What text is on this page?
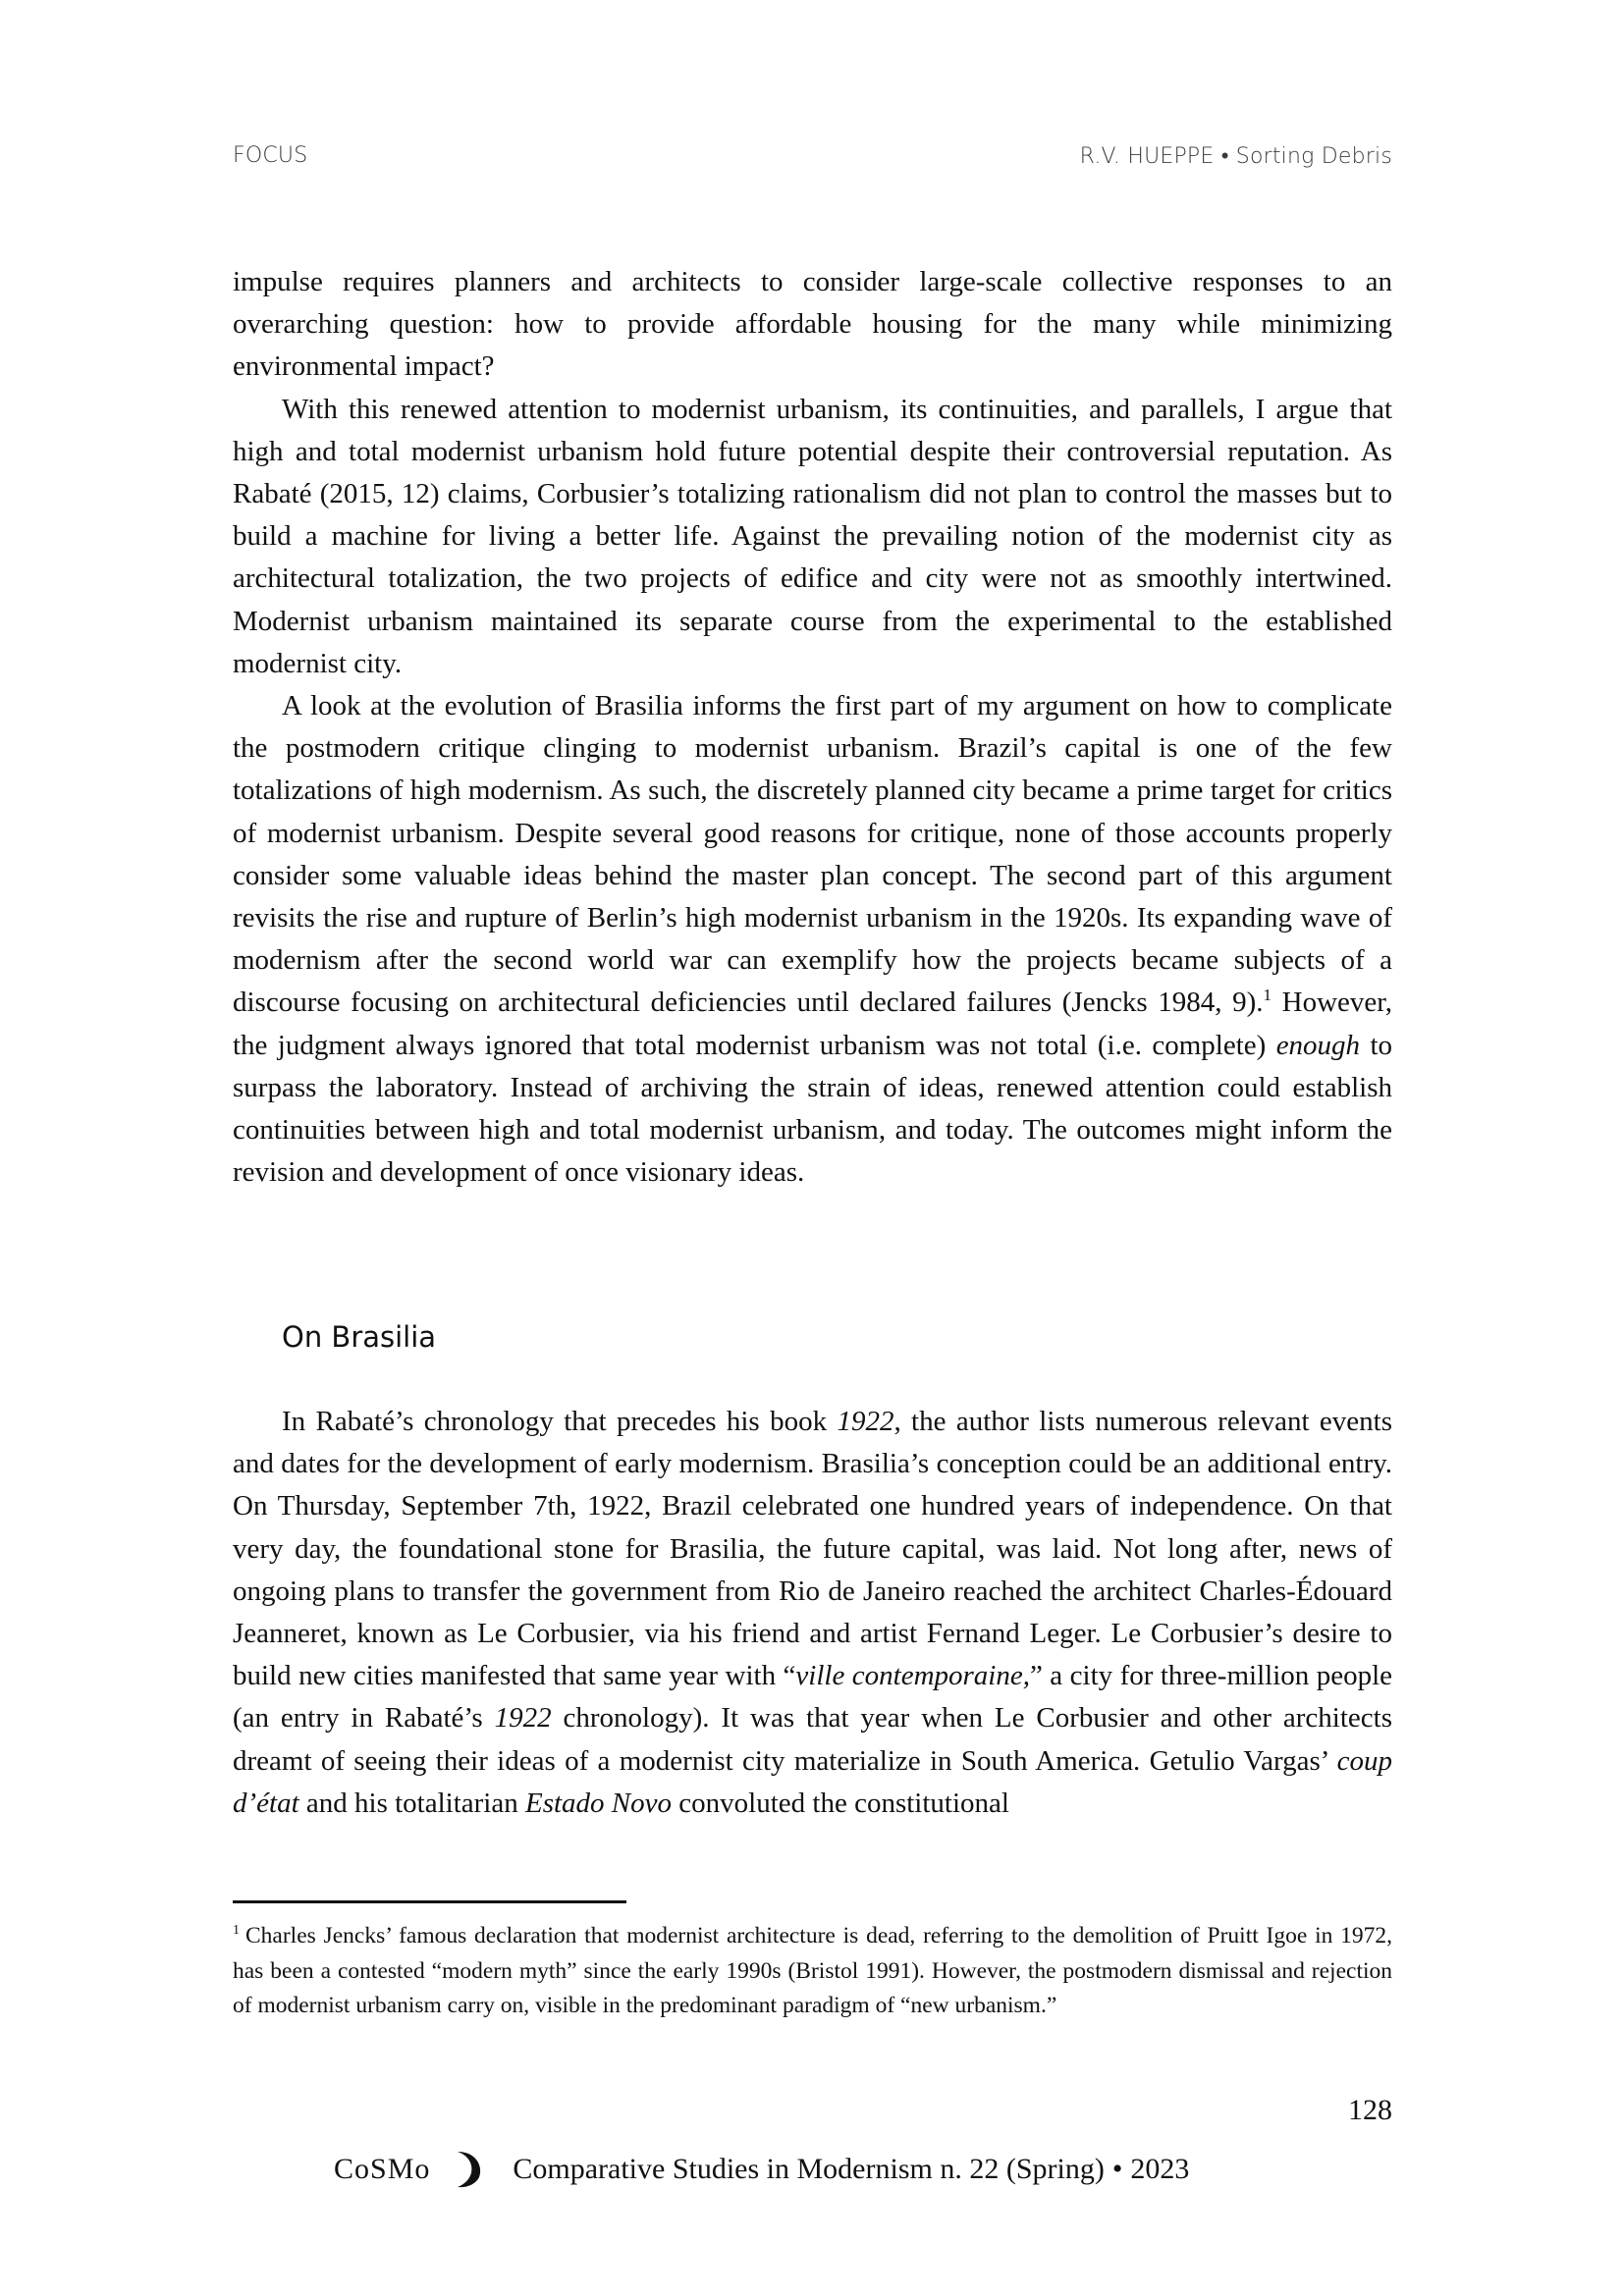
FOCUS	R.V. HUEPPE • Sorting Debris

impulse requires planners and architects to consider large-scale collective responses to an overarching question: how to provide affordable housing for the many while minimizing environmental impact?

With this renewed attention to modernist urbanism, its continuities, and parallels, I argue that high and total modernist urbanism hold future potential despite their controversial reputation. As Rabaté (2015, 12) claims, Corbusier’s totalizing rationalism did not plan to control the masses but to build a machine for living a better life. Against the prevailing notion of the modernist city as architectural totalization, the two projects of edifice and city were not as smoothly intertwined. Modernist urbanism maintained its separate course from the experimental to the established modernist city.

A look at the evolution of Brasilia informs the first part of my argument on how to complicate the postmodern critique clinging to modernist urbanism. Brazil’s capital is one of the few totalizations of high modernism. As such, the discretely planned city became a prime target for critics of modernist urbanism. Despite several good reasons for critique, none of those accounts properly consider some valuable ideas behind the master plan concept. The second part of this argument revisits the rise and rupture of Berlin’s high modernist urbanism in the 1920s. Its expanding wave of modernism after the second world war can exemplify how the projects became subjects of a discourse focusing on architectural deficiencies until declared failures (Jencks 1984, 9).$^1$ However, the judgment always ignored that total modernist urbanism was not total (i.e. complete) enough to surpass the laboratory. Instead of archiving the strain of ideas, renewed attention could establish continuities between high and total modernist urbanism, and today. The outcomes might inform the revision and development of once visionary ideas.

On Brasilia

In Rabaté’s chronology that precedes his book 1922, the author lists numerous relevant events and dates for the development of early modernism. Brasilia’s conception could be an additional entry. On Thursday, September 7th, 1922, Brazil celebrated one hundred years of independence. On that very day, the foundational stone for Brasilia, the future capital, was laid. Not long after, news of ongoing plans to transfer the government from Rio de Janeiro reached the architect Charles-Édouard Jeanneret, known as Le Corbusier, via his friend and artist Fernand Leger. Le Corbusier’s desire to build new cities manifested that same year with “ville contemporaine,” a city for three-million people (an entry in Rabaté’s 1922 chronology). It was that year when Le Corbusier and other architects dreamt of seeing their ideas of a modernist city materialize in South America. Getulio Vargas’ coup d’état and his totalitarian Estado Novo convoluted the constitutional

$^1$ Charles Jencks’ famous declaration that modernist architecture is dead, referring to the demolition of Pruitt Igoe in 1972, has been a contested “modern myth” since the early 1990s (Bristol 1991). However, the postmodern dismissal and rejection of modernist urbanism carry on, visible in the predominant paradigm of “new urbanism.”

128
CoSMo	Comparative Studies in Modernism n. 22 (Spring) • 2023
